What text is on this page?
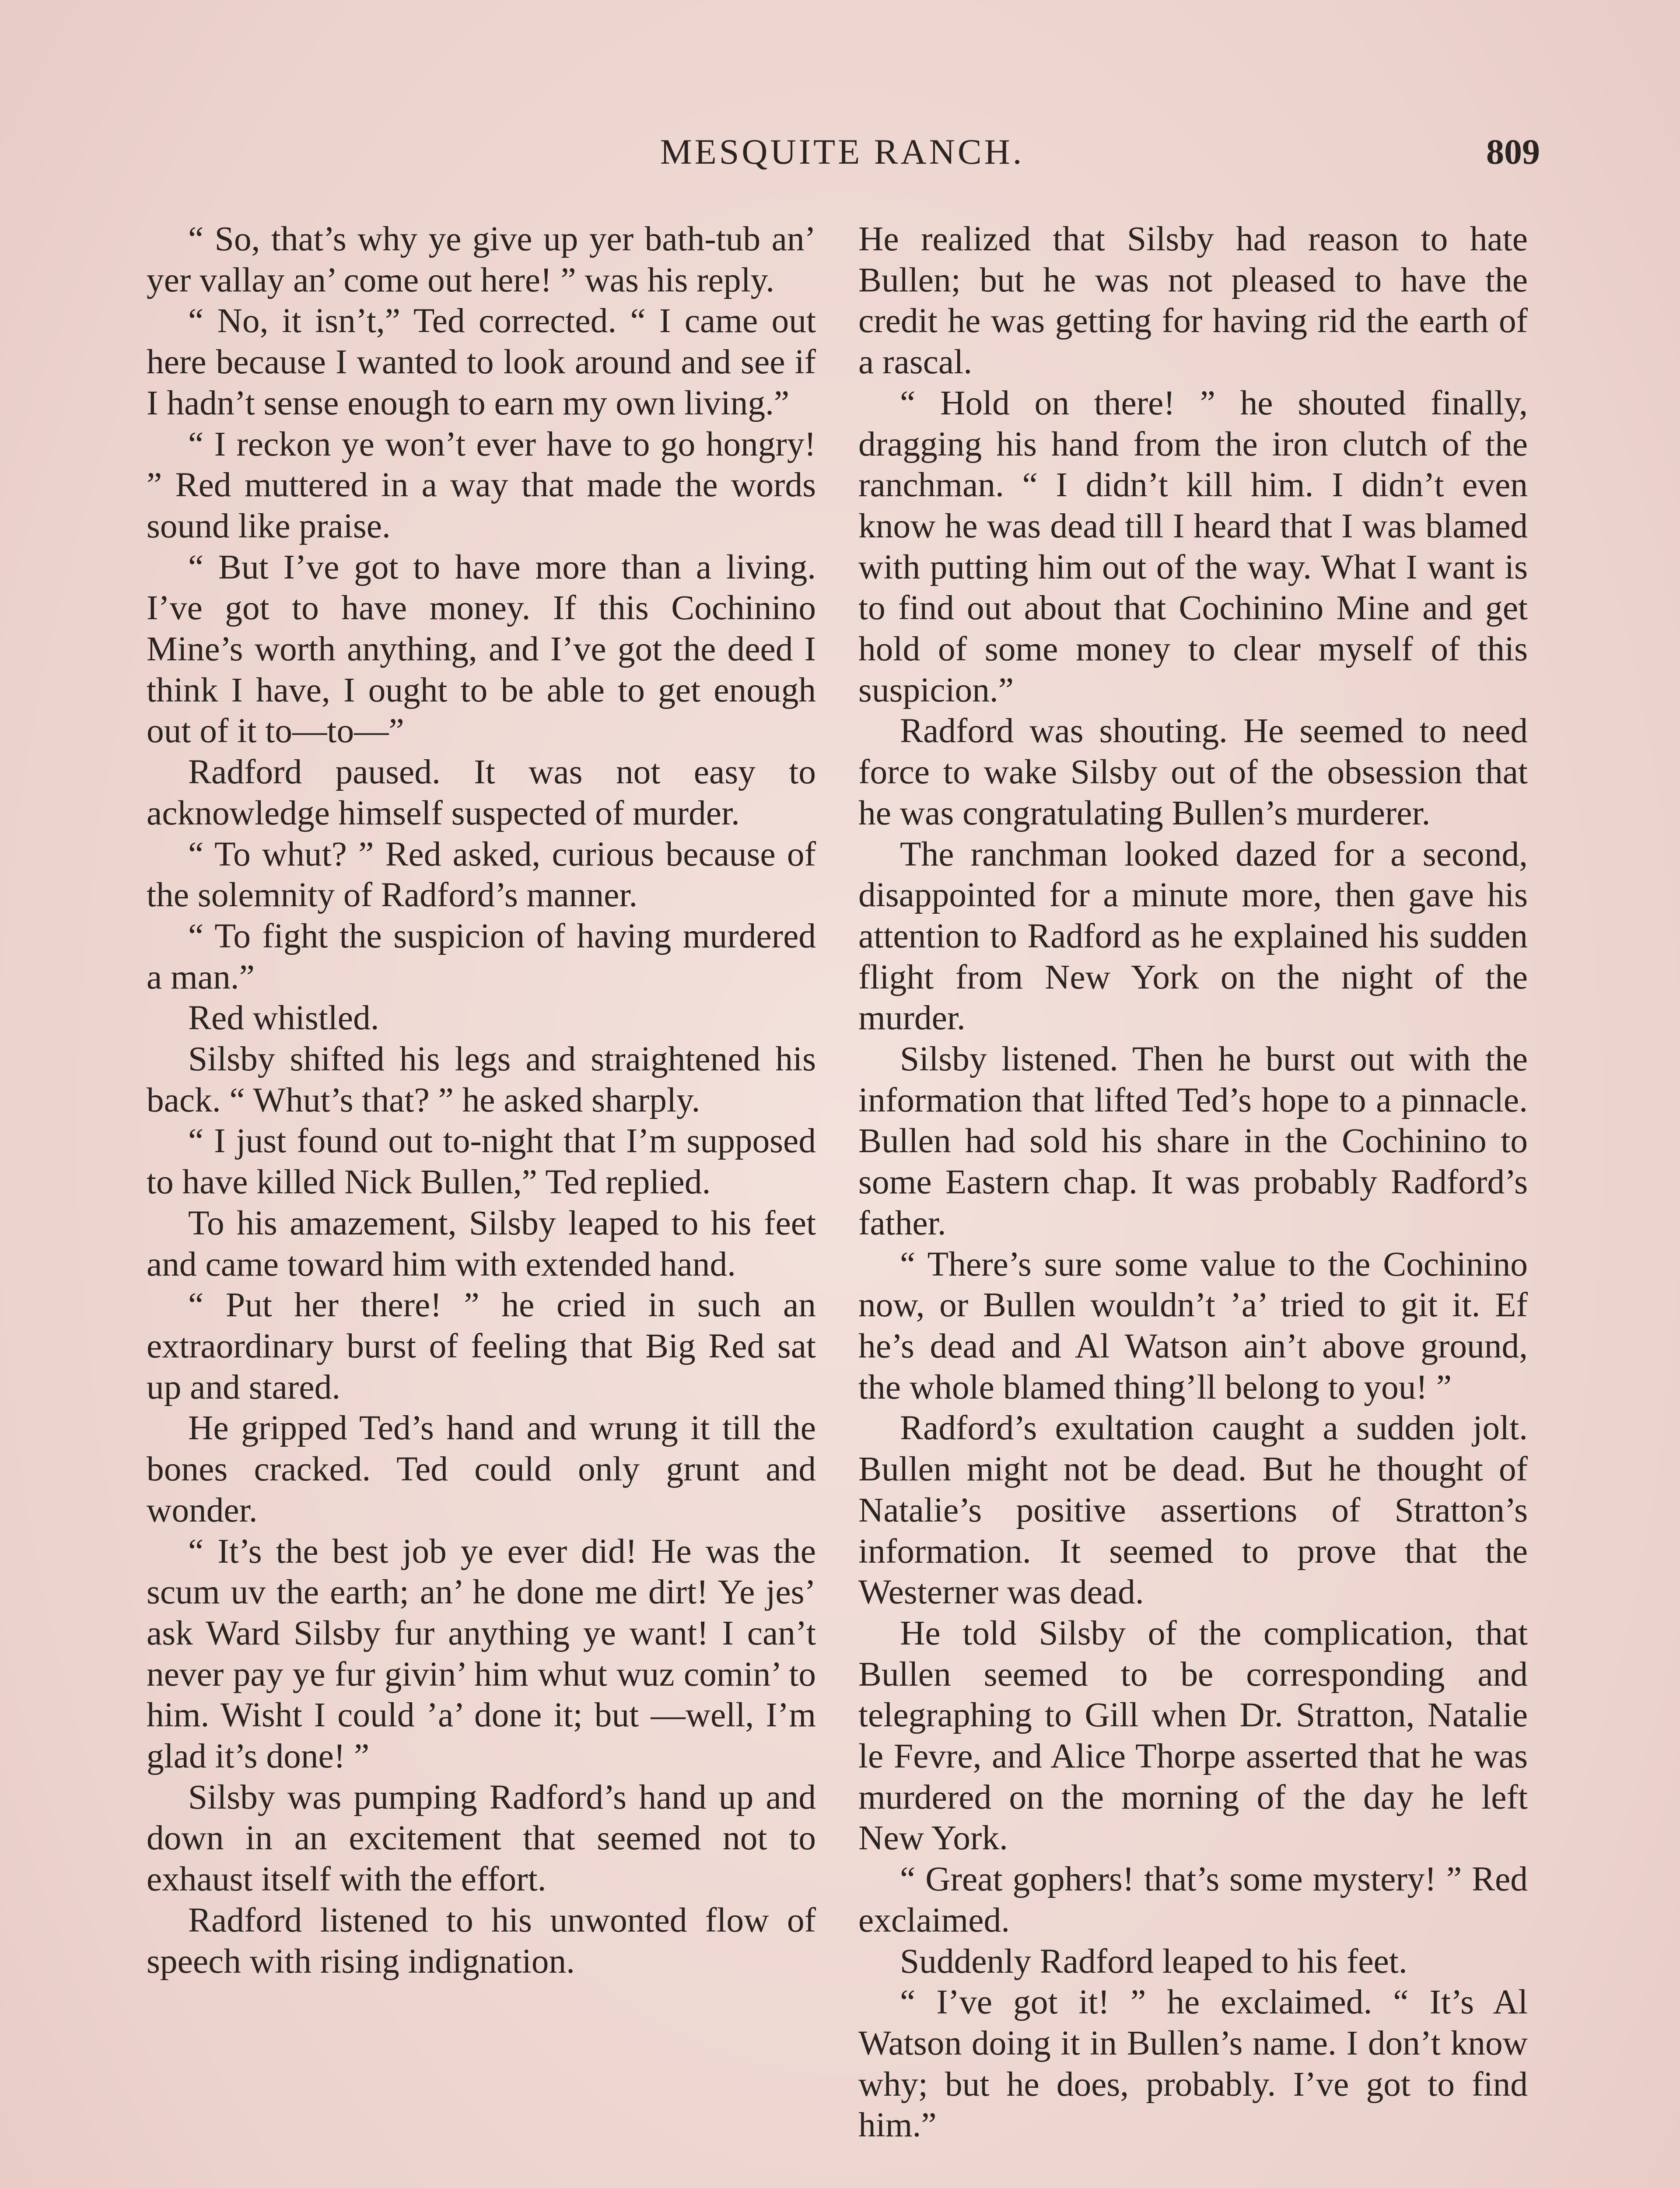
MESQUITE RANCH.	809

“ So, that’s why ye give up yer bath-tub an’ yer vallay an’ come out here! ” was his reply.

“ No, it isn’t,” Ted corrected. “ I came out here because I wanted to look around and see if I hadn’t sense enough to earn my own living.”

“ I reckon ye won’t ever have to go hongry! ” Red muttered in a way that made the words sound like praise.

“ But I’ve got to have more than a living. I’ve got to have money. If this Cochinino Mine’s worth anything, and I’ve got the deed I think I have, I ought to be able to get enough out of it to—to—”

Radford paused. It was not easy to acknowledge himself suspected of murder.

“ To whut? ” Red asked, curious because of the solemnity of Radford’s manner.

“ To fight the suspicion of having murdered a man.”

Red whistled.

Silsby shifted his legs and straightened his back. “ Whut’s that? ” he asked sharply.

“ I just found out to-night that I’m supposed to have killed Nick Bullen,” Ted replied.

To his amazement, Silsby leaped to his feet and came toward him with extended hand.

“ Put her there! ” he cried in such an extraordinary burst of feeling that Big Red sat up and stared.

He gripped Ted’s hand and wrung it till the bones cracked. Ted could only grunt and wonder.

“ It’s the best job ye ever did! He was the scum uv the earth; an’ he done me dirt! Ye jes’ ask Ward Silsby fur anything ye want! I can’t never pay ye fur givin’ him whut wuz comin’ to him. Wisht I could ’a’ done it; but —well, I’m glad it’s done! ”

Silsby was pumping Radford’s hand up and down in an excitement that seemed not to exhaust itself with the effort.

Radford listened to his unwonted flow of speech with rising indignation.

He realized that Silsby had reason to hate Bullen; but he was not pleased to have the credit he was getting for having rid the earth of a rascal.

“ Hold on there! ” he shouted finally, dragging his hand from the iron clutch of the ranchman. “ I didn’t kill him. I didn’t even know he was dead till I heard that I was blamed with putting him out of the way. What I want is to find out about that Cochinino Mine and get hold of some money to clear myself of this suspicion.”

Radford was shouting. He seemed to need force to wake Silsby out of the obsession that he was congratulating Bullen’s murderer.

The ranchman looked dazed for a second, disappointed for a minute more, then gave his attention to Radford as he explained his sudden flight from New York on the night of the murder.

Silsby listened. Then he burst out with the information that lifted Ted’s hope to a pinnacle. Bullen had sold his share in the Cochinino to some Eastern chap. It was probably Radford’s father.

“ There’s sure some value to the Cochinino now, or Bullen wouldn’t ’a’ tried to git it. Ef he’s dead and Al Watson ain’t above ground, the whole blamed thing’ll belong to you! ”

Radford’s exultation caught a sudden jolt. Bullen might not be dead. But he thought of Natalie’s positive assertions of Stratton’s information. It seemed to prove that the Westerner was dead.

He told Silsby of the complication, that Bullen seemed to be corresponding and telegraphing to Gill when Dr. Stratton, Natalie le Fevre, and Alice Thorpe asserted that he was murdered on the morning of the day he left New York.

“ Great gophers! that’s some mystery! ” Red exclaimed.

Suddenly Radford leaped to his feet.

“ I’ve got it! ” he exclaimed. “ It’s Al Watson doing it in Bullen’s name. I don’t know why; but he does, probably. I’ve got to find him.”
